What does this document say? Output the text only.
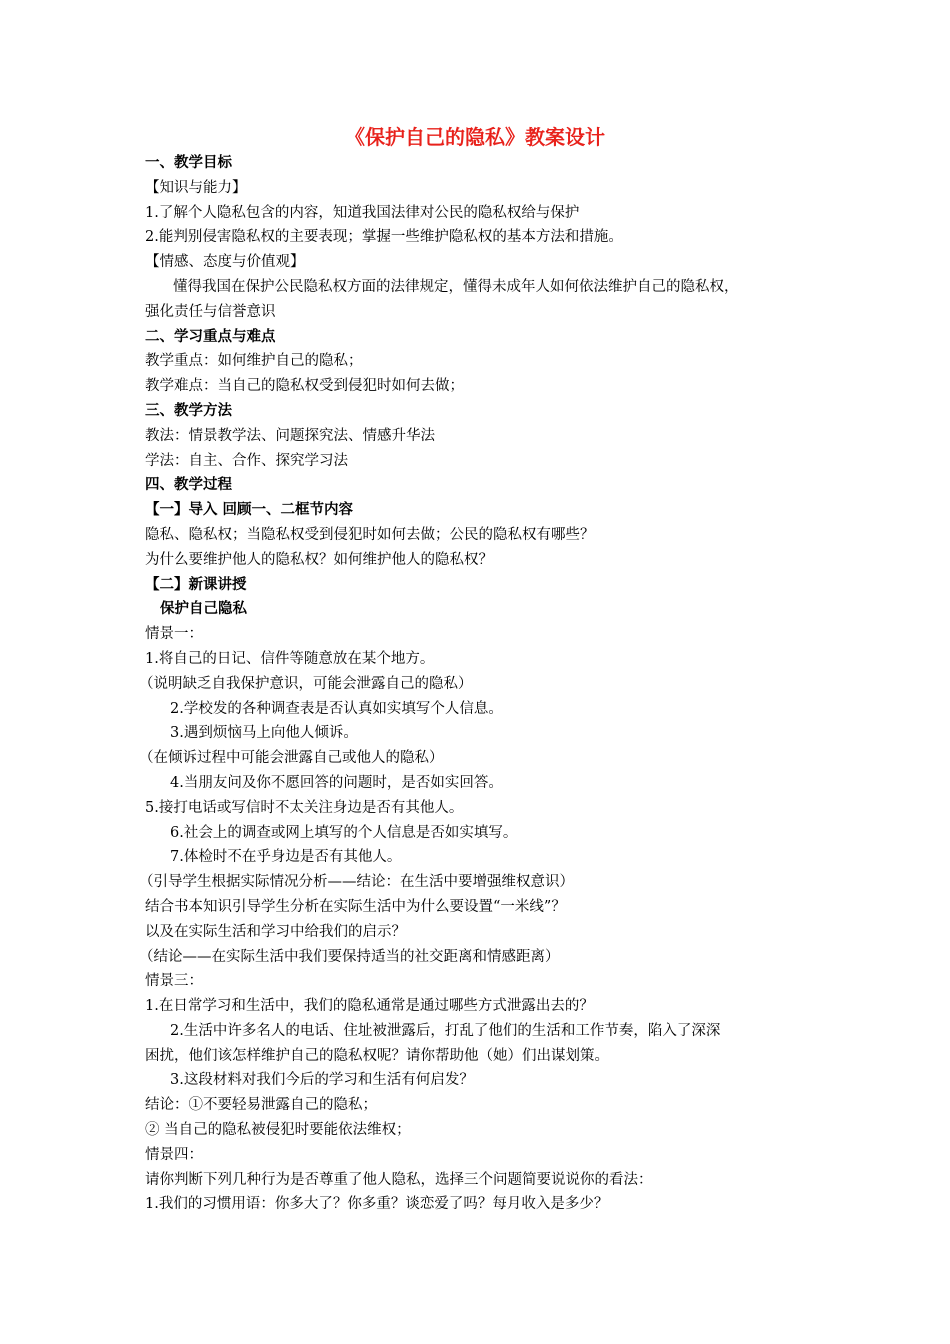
《保护自己的隐私》教案设计
一、教学目标
【知识与能力】
1.了解个人隐私包含的内容，知道我国法律对公民的隐私权给与保护
2.能判别侵害隐私权的主要表现；掌握一些维护隐私权的基本方法和措施。
【情感、态度与价值观】
懂得我国在保护公民隐私权方面的法律规定，懂得未成年人如何依法维护自己的隐私权，
强化责任与信誉意识
二、学习重点与难点
教学重点：如何维护自己的隐私；
教学难点：当自己的隐私权受到侵犯时如何去做；
三、教学方法
教法：情景教学法、问题探究法、情感升华法
学法：自主、合作、探究学习法
四、教学过程
【一】导入 回顾一、二框节内容
隐私、隐私权；当隐私权受到侵犯时如何去做；公民的隐私权有哪些？
为什么要维护他人的隐私权？如何维护他人的隐私权？
【二】新课讲授
保护自己隐私
情景一：
1.将自己的日记、信件等随意放在某个地方。
（说明缺乏自我保护意识，可能会泄露自己的隐私）
2.学校发的各种调查表是否认真如实填写个人信息。
3.遇到烦恼马上向他人倾诉。
（在倾诉过程中可能会泄露自己或他人的隐私）
4.当朋友问及你不愿回答的问题时，是否如实回答。
5.接打电话或写信时不太关注身边是否有其他人。
6.社会上的调查或网上填写的个人信息是否如实填写。
7.体检时不在乎身边是否有其他人。
（引导学生根据实际情况分析——结论：在生活中要增强维权意识）
结合书本知识引导学生分析在实际生活中为什么要设置“一米线”？
以及在实际生活和学习中给我们的启示？
（结论——在实际生活中我们要保持适当的社交距离和情感距离）
情景三：
1.在日常学习和生活中，我们的隐私通常是通过哪些方式泄露出去的？
2.生活中许多名人的电话、住址被泄露后，打乱了他们的生活和工作节奏，陷入了深深
困扰，他们该怎样维护自己的隐私权呢？请你帮助他（她）们出谋划策。
3.这段材料对我们今后的学习和生活有何启发？
结论：①不要轻易泄露自己的隐私；
② 当自己的隐私被侵犯时要能依法维权；
情景四：
请你判断下列几种行为是否尊重了他人隐私，选择三个问题简要说说你的看法：
1.我们的习惯用语：你多大了？你多重？谈恋爱了吗？每月收入是多少？
